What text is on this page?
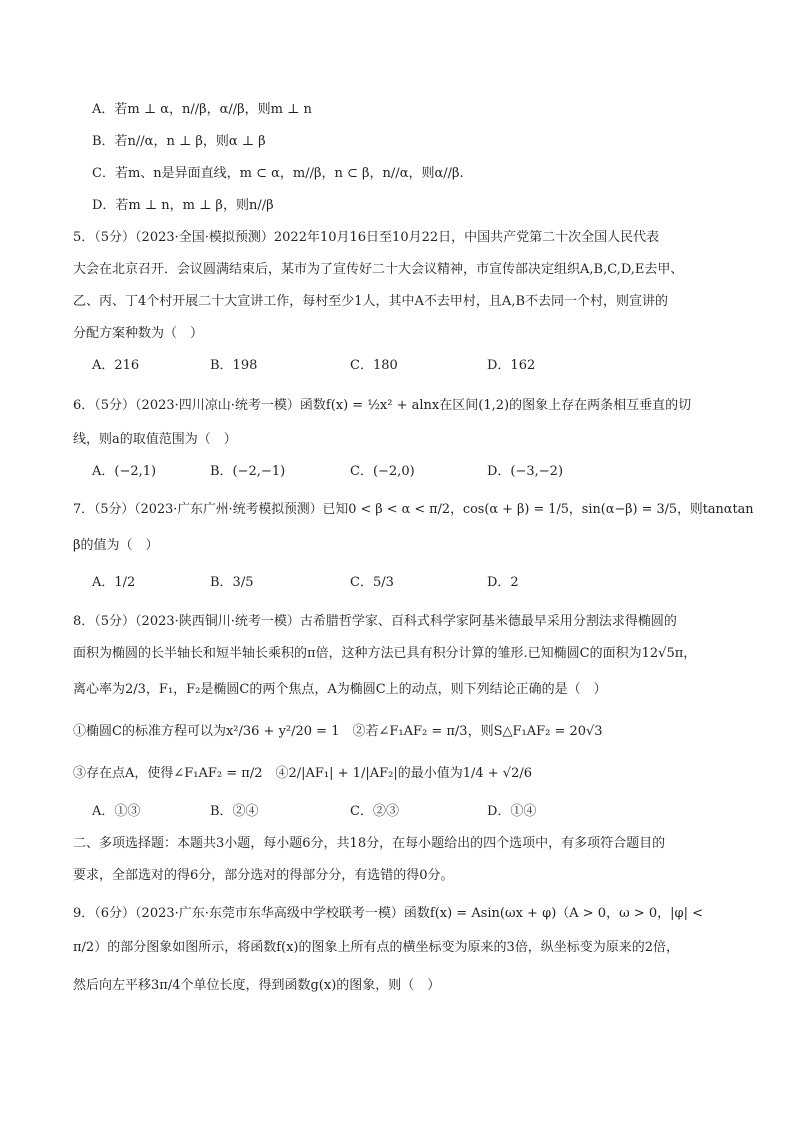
A．若m ⊥ α，n//β，α//β，则m ⊥ n
B．若n//α，n ⊥ β，则α ⊥ β
C．若m、n是异面直线，m ⊂ α，m//β，n ⊂ β，n//α，则α//β.
D．若m ⊥ n，m ⊥ β，则n//β
5．（5分）（2023·全国·模拟预测）2022年10月16日至10月22日，中国共产党第二十次全国人民代表
大会在北京召开．会议圆满结束后，某市为了宣传好二十大会议精神，市宣传部决定组织A,B,C,D,E去甲、
乙、丙、丁4个村开展二十大宣讲工作，每村至少1人，其中A不去甲村，且A,B不去同一个村，则宣讲的
分配方案种数为（　）
A．216	B．198	C．180	D．162
6．（5分）（2023·四川凉山·统考一模）函数f(x) = ½x² + alnx在区间(1,2)的图象上存在两条相互垂直的切
线，则a的取值范围为（　）
A．(−2,1)	B．(−2,−1)	C．(−2,0)	D．(−3,−2)
7．（5分）（2023·广东广州·统考模拟预测）已知0 < β < α < π/2，cos(α + β) = 1/5，sin(α−β) = 3/5，则tanαtan
β的值为（　）
A．1/2	B．3/5	C．5/3	D．2
8．（5分）（2023·陕西铜川·统考一模）古希腊哲学家、百科式科学家阿基米德最早采用分割法求得椭圆的
面积为椭圆的长半轴长和短半轴长乘积的π倍，这种方法已具有积分计算的雏形.已知椭圆C的面积为12√5π，
离心率为2/3，F₁，F₂是椭圆C的两个焦点，A为椭圆C上的动点，则下列结论正确的是（　）
①椭圆C的标准方程可以为x²/36 + y²/20 = 1　②若∠F₁AF₂ = π/3，则S△F₁AF₂ = 20√3
③存在点A，使得∠F₁AF₂ = π/2　④2/|AF₁| + 1/|AF₂|的最小值为1/4 + √2/6
A．①③	B．②④	C．②③	D．①④
二、多项选择题：本题共3小题，每小题6分，共18分，在每小题给出的四个选项中，有多项符合题目的
要求，全部选对的得6分，部分选对的得部分分，有选错的得0分。
9．（6分）（2023·广东·东莞市东华高级中学校联考一模）函数f(x) = Asin(ωx + φ)（A > 0，ω > 0，|φ| <
π/2）的部分图象如图所示，将函数f(x)的图象上所有点的横坐标变为原来的3倍，纵坐标变为原来的2倍，
然后向左平移3π/4个单位长度，得到函数g(x)的图象，则（　）
